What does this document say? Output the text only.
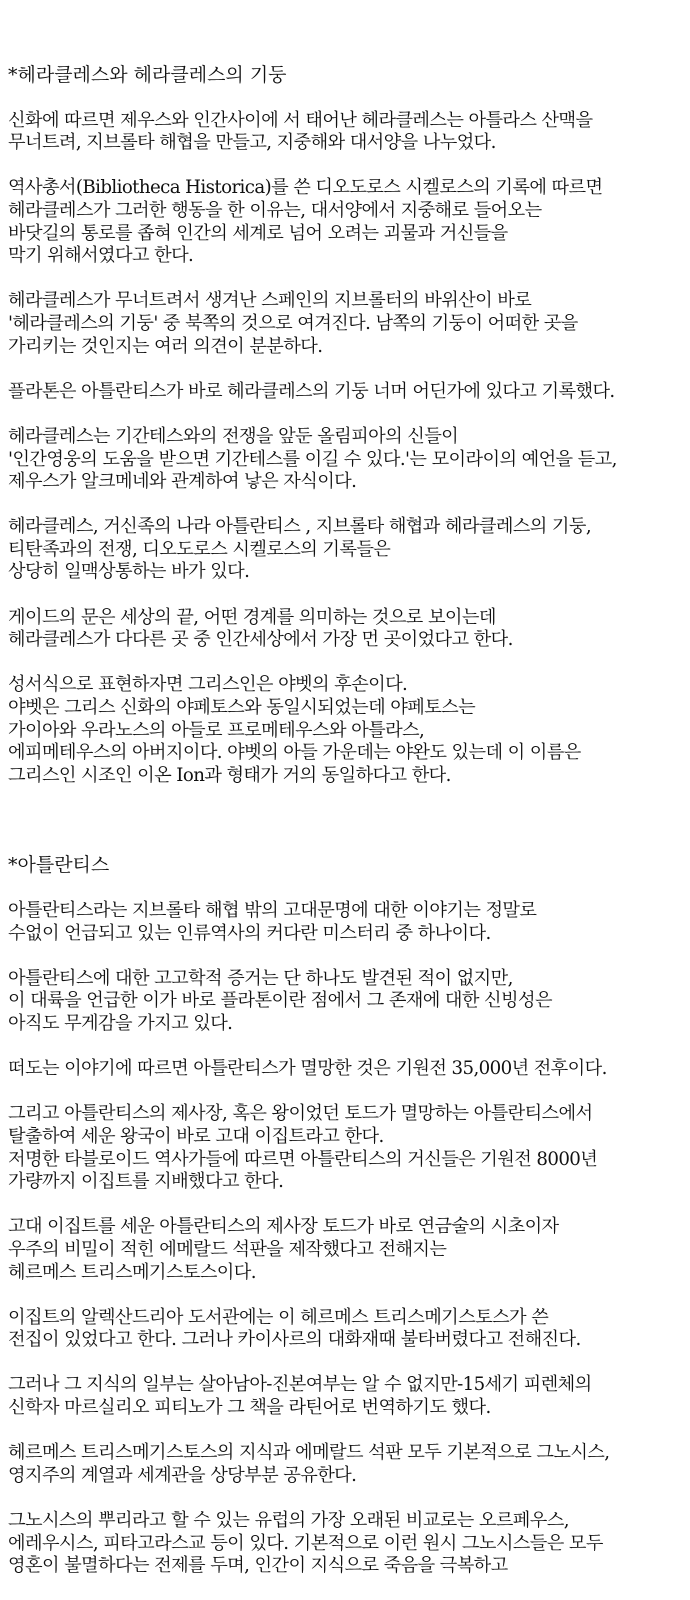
*헤라클레스와 헤라클레스의 기둥
신화에 따르면 제우스와 인간사이에 서 태어난 헤라클레스는 아틀라스 산맥을
무너트려, 지브롤타 해협을 만들고, 지중해와 대서양을 나누었다.
역사총서(Bibliotheca Historica)를 쓴 디오도로스 시켈로스의 기록에 따르면
헤라클레스가 그러한 행동을 한 이유는, 대서양에서 지중해로 들어오는
바닷길의 통로를 좁혀 인간의 세계로 넘어 오려는 괴물과 거신들을
막기 위해서였다고 한다.
헤라클레스가 무너트려서 생겨난 스페인의 지브롤터의 바위산이 바로
'헤라클레스의 기둥' 중 북쪽의 것으로 여겨진다. 남쪽의 기둥이 어떠한 곳을
가리키는 것인지는 여러 의견이 분분하다.
플라톤은 아틀란티스가 바로 헤라클레스의 기둥 너머 어딘가에 있다고 기록했다.
헤라클레스는 기간테스와의 전쟁을 앞둔 올림피아의 신들이
'인간영웅의 도움을 받으면 기간테스를 이길 수 있다.'는 모이라이의 예언을 듣고,
제우스가 알크메네와 관계하여 낳은 자식이다.
헤라클레스, 거신족의 나라 아틀란티스 , 지브롤타 해협과 헤라클레스의 기둥,
티탄족과의 전쟁, 디오도로스 시켈로스의 기록들은
상당히 일맥상통하는 바가 있다.
게이드의 문은 세상의 끝, 어떤 경계를 의미하는 것으로 보이는데
헤라클레스가 다다른 곳 중 인간세상에서 가장 먼 곳이었다고 한다.
성서식으로 표현하자면 그리스인은 야벳의 후손이다.
야벳은 그리스 신화의 야페토스와 동일시되었는데 야페토스는
가이아와 우라노스의 아들로 프로메테우스와 아틀라스,
에피메테우스의 아버지이다. 야벳의 아들 가운데는 야완도 있는데 이 이름은
그리스인 시조인 이온 Ion과 형태가 거의 동일하다고 한다.
*아틀란티스
아틀란티스라는 지브롤타 해협 밖의 고대문명에 대한 이야기는 정말로
수없이 언급되고 있는 인류역사의 커다란 미스터리 중 하나이다.
아틀란티스에 대한 고고학적 증거는 단 하나도 발견된 적이 없지만,
이 대륙을 언급한 이가 바로 플라톤이란 점에서 그 존재에 대한 신빙성은
아직도 무게감을 가지고 있다.
떠도는 이야기에 따르면 아틀란티스가 멸망한 것은 기원전 35,000년 전후이다.
그리고 아틀란티스의 제사장, 혹은 왕이었던 토드가 멸망하는 아틀란티스에서
탈출하여 세운 왕국이 바로 고대 이집트라고 한다.
저명한 타블로이드 역사가들에 따르면 아틀란티스의 거신들은 기원전 8000년
가량까지 이집트를 지배했다고 한다.
고대 이집트를 세운 아틀란티스의 제사장 토드가 바로 연금술의 시초이자
우주의 비밀이 적힌 에메랄드 석판을 제작했다고 전해지는
헤르메스 트리스메기스토스이다.
이집트의 알렉산드리아 도서관에는 이 헤르메스 트리스메기스토스가 쓴
전집이 있었다고 한다. 그러나 카이사르의 대화재때 불타버렸다고 전해진다.
그러나 그 지식의 일부는 살아남아-진본여부는 알 수 없지만-15세기 피렌체의
신학자 마르실리오 피티노가 그 책을 라틴어로 번역하기도 했다.
헤르메스 트리스메기스토스의 지식과 에메랄드 석판 모두 기본적으로 그노시스,
영지주의 계열과 세계관을 상당부분 공유한다.
그노시스의 뿌리라고 할 수 있는 유럽의 가장 오래된 비교로는 오르페우스,
에레우시스, 피타고라스교 등이 있다. 기본적으로 이런 원시 그노시스들은 모두
영혼이 불멸하다는 전제를 두며, 인간이 지식으로 죽음을 극복하고
